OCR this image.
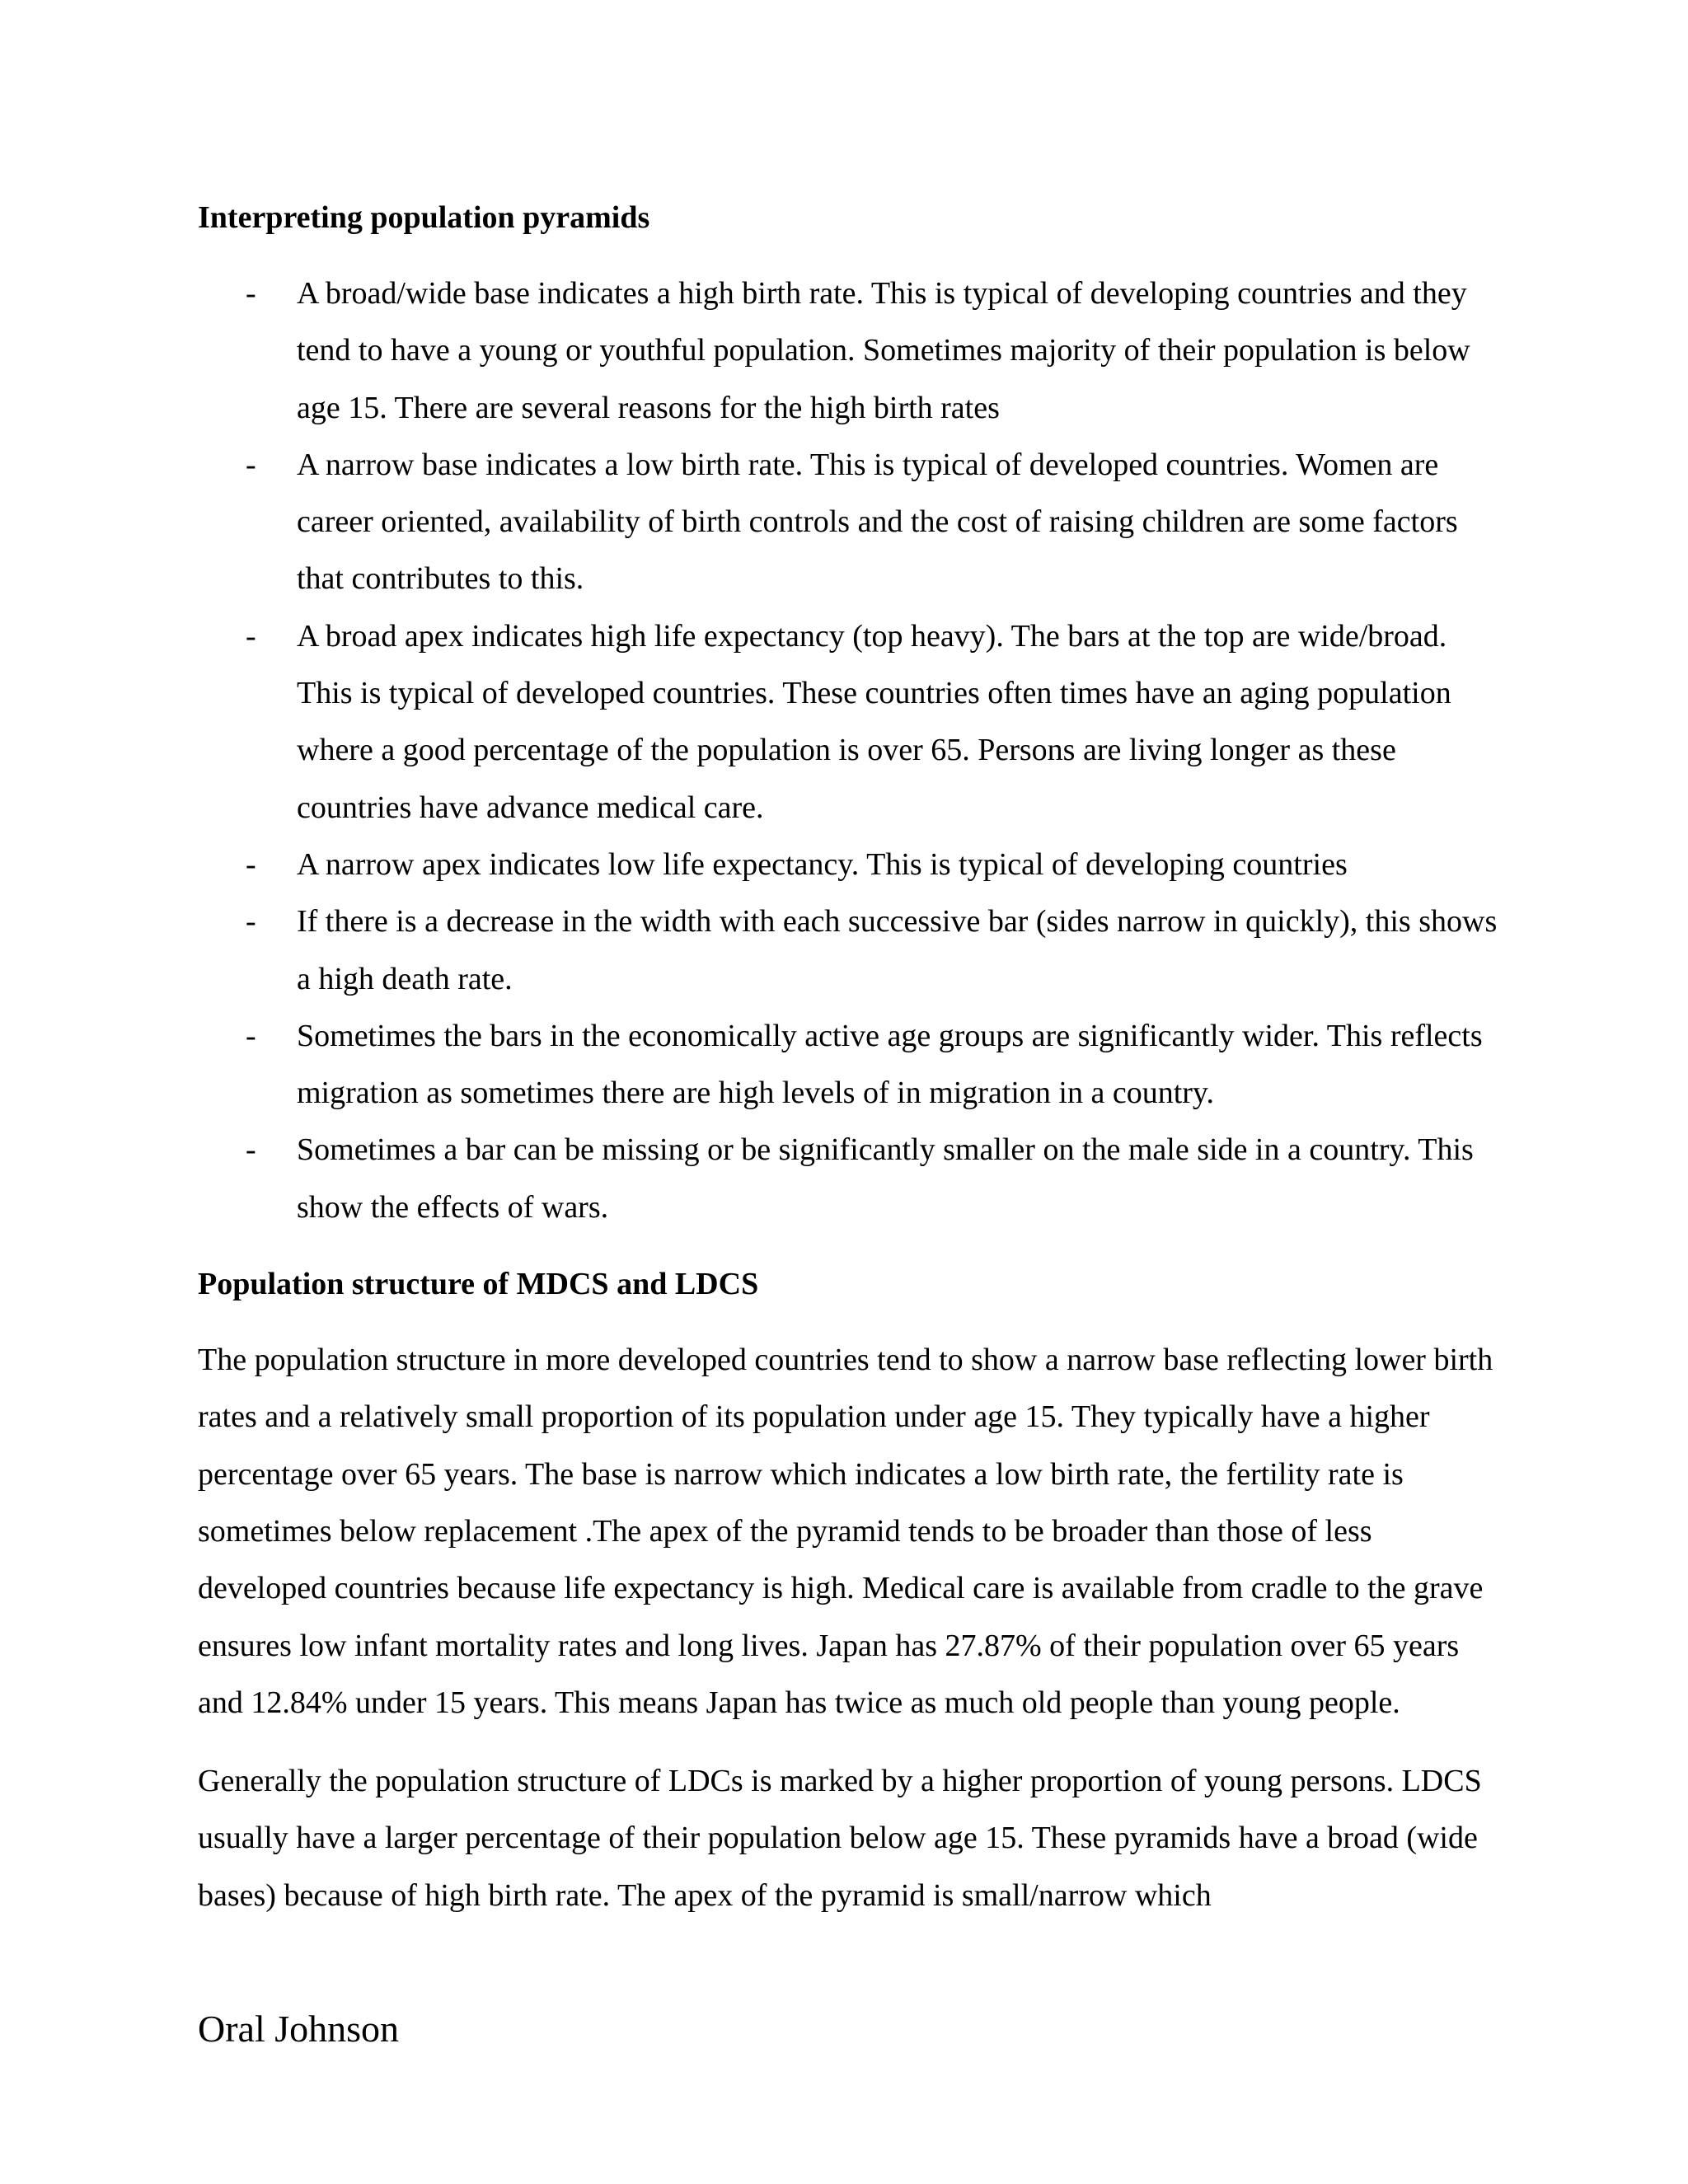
Interpreting population pyramids
- A broad/wide base indicates a high birth rate. This is typical of developing countries and they tend to have a young or youthful population. Sometimes majority of their population is below age 15. There are several reasons for the high birth rates
- A narrow base indicates a low birth rate. This is typical of developed countries. Women are career oriented, availability of birth controls and the cost of raising children are some factors that contributes to this.
- A broad apex indicates high life expectancy (top heavy). The bars at the top are wide/broad. This is typical of developed countries. These countries often times have an aging population where a good percentage of the population is over 65. Persons are living longer as these countries have advance medical care.
- A narrow apex indicates low life expectancy. This is typical of developing countries
- If there is a decrease in the width with each successive bar (sides narrow in quickly), this shows a high death rate.
- Sometimes the bars in the economically active age groups are significantly wider. This reflects migration as sometimes there are high levels of in migration in a country.
- Sometimes a bar can be missing or be significantly smaller on the male side in a country. This show the effects of wars.
Population structure of MDCS and LDCS

The population structure in more developed countries tend to show a narrow base reflecting lower birth rates and a relatively small proportion of its population under age 15. They typically have a higher percentage over 65 years. The base is narrow which indicates a low birth rate, the fertility rate is sometimes below replacement .The apex of the pyramid tends to be broader than those of less developed countries because life expectancy is high. Medical care is available from cradle to the grave ensures low infant mortality rates and long lives. Japan has 27.87% of their population over 65 years and 12.84% under 15 years. This means Japan has twice as much old people than young people.

Generally the population structure of LDCs is marked by a higher proportion of young persons. LDCS usually have a larger percentage of their population below age 15. These pyramids have a broad (wide bases) because of high birth rate. The apex of the pyramid is small/narrow which

Oral Johnson
